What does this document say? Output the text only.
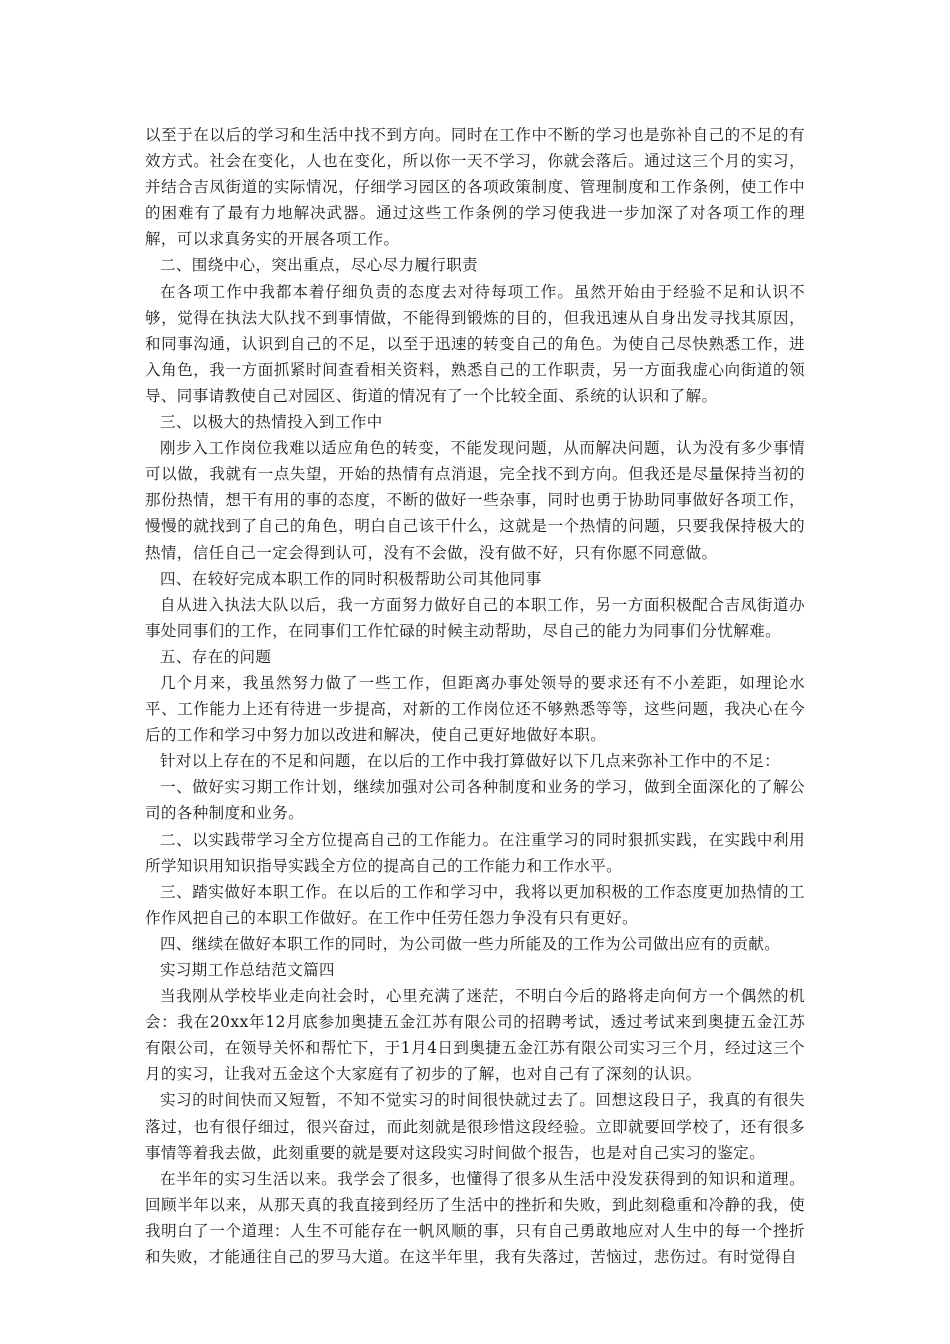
以至于在以后的学习和生活中找不到方向。同时在工作中不断的学习也是弥补自己的不足的有效方式。社会在变化，人也在变化，所以你一天不学习，你就会落后。通过这三个月的实习，并结合吉凤街道的实际情况，仔细学习园区的各项政策制度、管理制度和工作条例，使工作中的困难有了最有力地解决武器。通过这些工作条例的学习使我进一步加深了对各项工作的理解，可以求真务实的开展各项工作。

二、围绕中心，突出重点，尽心尽力履行职责

在各项工作中我都本着仔细负责的态度去对待每项工作。虽然开始由于经验不足和认识不够，觉得在执法大队找不到事情做，不能得到锻炼的目的，但我迅速从自身出发寻找其原因，和同事沟通，认识到自己的不足，以至于迅速的转变自己的角色。为使自己尽快熟悉工作，进入角色，我一方面抓紧时间查看相关资料，熟悉自己的工作职责，另一方面我虚心向街道的领导、同事请教使自己对园区、街道的情况有了一个比较全面、系统的认识和了解。

三、以极大的热情投入到工作中

刚步入工作岗位我难以适应角色的转变，不能发现问题，从而解决问题，认为没有多少事情可以做，我就有一点失望，开始的热情有点消退，完全找不到方向。但我还是尽量保持当初的那份热情，想干有用的事的态度，不断的做好一些杂事，同时也勇于协助同事做好各项工作，慢慢的就找到了自己的角色，明白自己该干什么，这就是一个热情的问题，只要我保持极大的热情，信任自己一定会得到认可，没有不会做，没有做不好，只有你愿不同意做。

四、在较好完成本职工作的同时积极帮助公司其他同事

自从进入执法大队以后，我一方面努力做好自己的本职工作，另一方面积极配合吉凤街道办事处同事们的工作，在同事们工作忙碌的时候主动帮助，尽自己的能力为同事们分忧解难。

五、存在的问题

几个月来，我虽然努力做了一些工作，但距离办事处领导的要求还有不小差距，如理论水平、工作能力上还有待进一步提高，对新的工作岗位还不够熟悉等等，这些问题，我决心在今后的工作和学习中努力加以改进和解决，使自己更好地做好本职。

针对以上存在的不足和问题，在以后的工作中我打算做好以下几点来弥补工作中的不足：

一、做好实习期工作计划，继续加强对公司各种制度和业务的学习，做到全面深化的了解公司的各种制度和业务。

二、以实践带学习全方位提高自己的工作能力。在注重学习的同时狠抓实践，在实践中利用所学知识用知识指导实践全方位的提高自己的工作能力和工作水平。

三、踏实做好本职工作。在以后的工作和学习中，我将以更加积极的工作态度更加热情的工作作风把自己的本职工作做好。在工作中任劳任怨力争没有只有更好。

四、继续在做好本职工作的同时，为公司做一些力所能及的工作为公司做出应有的贡献。

实习期工作总结范文篇四

当我刚从学校毕业走向社会时，心里充满了迷茫，不明白今后的路将走向何方一个偶然的机会：我在20xx年12月底参加奥捷五金江苏有限公司的招聘考试，透过考试来到奥捷五金江苏有限公司，在领导关怀和帮忙下，于1月4日到奥捷五金江苏有限公司实习三个月，经过这三个月的实习，让我对五金这个大家庭有了初步的了解，也对自己有了深刻的认识。

实习的时间快而又短暂，不知不觉实习的时间很快就过去了。回想这段日子，我真的有很失落过，也有很仔细过，很兴奋过，而此刻就是很珍惜这段经验。立即就要回学校了，还有很多事情等着我去做，此刻重要的就是要对这段实习时间做个报告，也是对自己实习的鉴定。

在半年的实习生活以来。我学会了很多，也懂得了很多从生活中没发获得到的知识和道理。回顾半年以来，从那天真的我直接到经历了生活中的挫折和失败，到此刻稳重和冷静的我，使我明白了一个道理：人生不可能存在一帆风顺的事，只有自己勇敢地应对人生中的每一个挫折和失败，才能通往自己的罗马大道。在这半年里，我有失落过，苦恼过，悲伤过。有时觉得自
